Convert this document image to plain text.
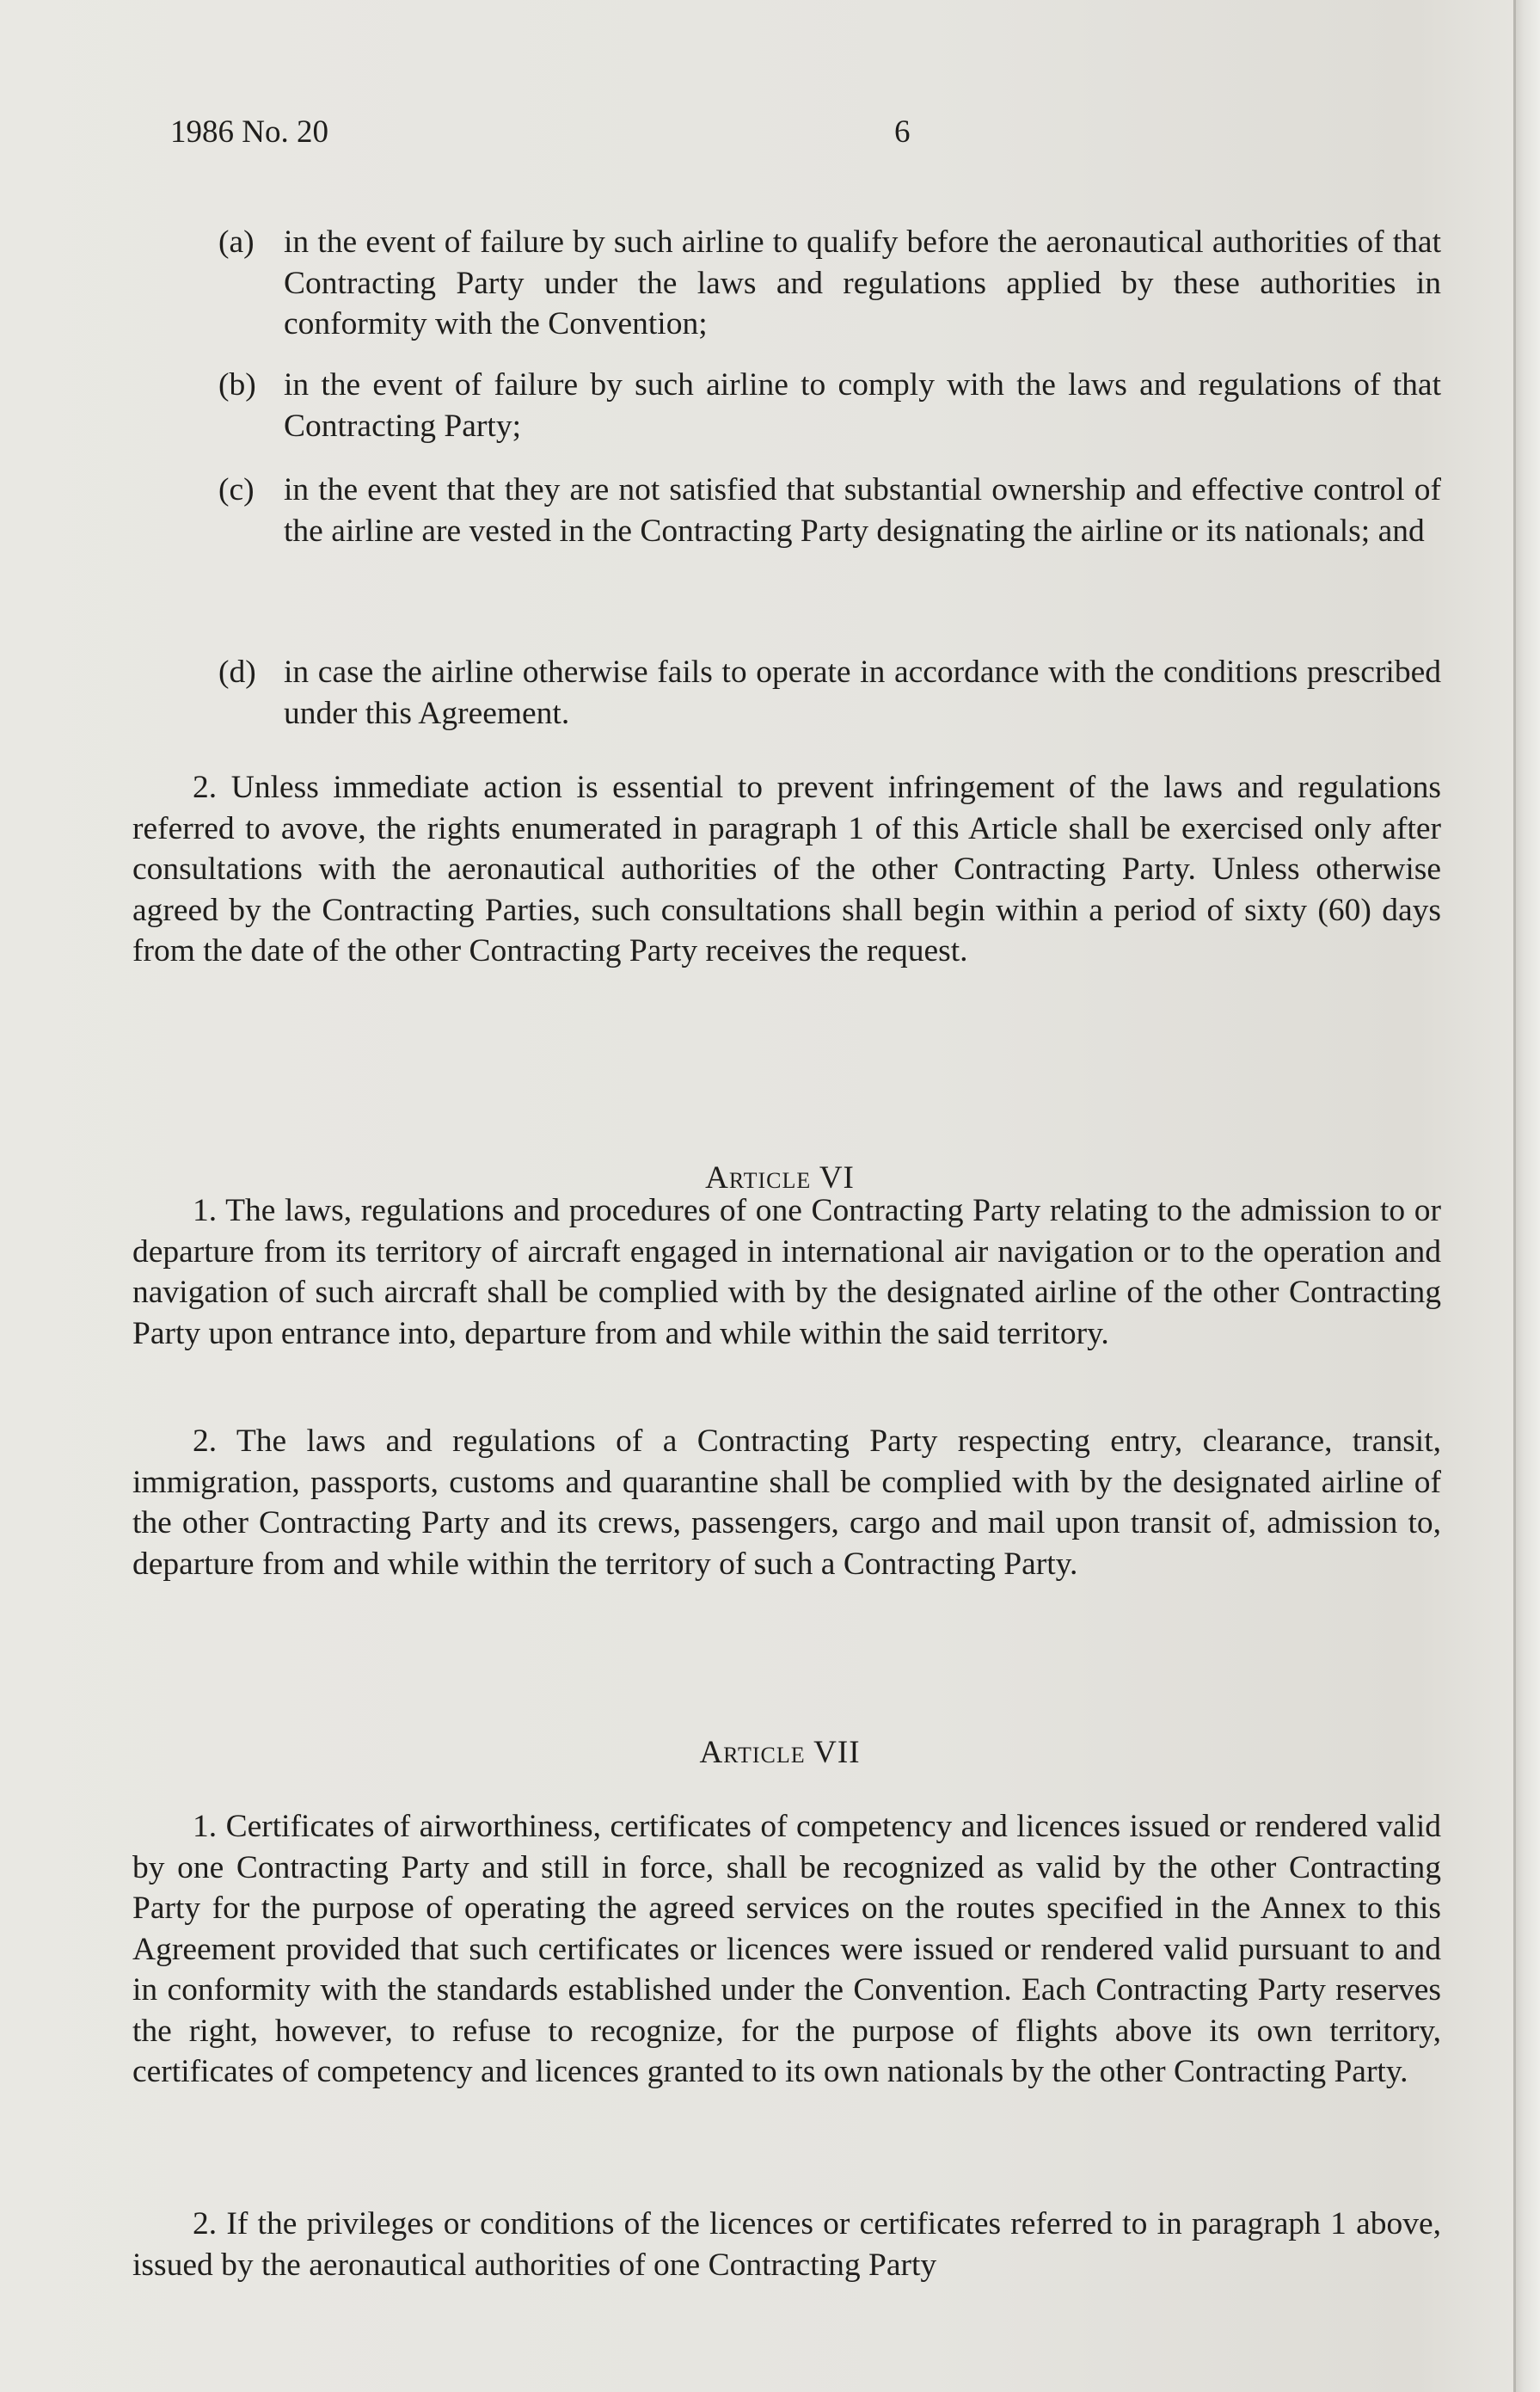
1986 No. 20	6
(a) in the event of failure by such airline to qualify before the aeronautical authorities of that Contracting Party under the laws and regulations applied by these authorities in conformity with the Convention;
(b) in the event of failure by such airline to comply with the laws and regulations of that Contracting Party;
(c) in the event that they are not satisfied that substantial ownership and effective control of the airline are vested in the Contracting Party designating the airline or its nationals; and
(d) in case the airline otherwise fails to operate in accordance with the conditions prescribed under this Agreement.
2. Unless immediate action is essential to prevent infringement of the laws and regulations referred to avove, the rights enumerated in paragraph 1 of this Article shall be exercised only after consultations with the aeronautical authorities of the other Contracting Party. Unless otherwise agreed by the Contracting Parties, such consultations shall begin within a period of sixty (60) days from the date of the other Contracting Party receives the request.
Article VI
1. The laws, regulations and procedures of one Contracting Party relating to the admission to or departure from its territory of aircraft engaged in international air navigation or to the operation and navigation of such aircraft shall be complied with by the designated airline of the other Contracting Party upon entrance into, departure from and while within the said territory.
2. The laws and regulations of a Contracting Party respecting entry, clearance, transit, immigration, passports, customs and quarantine shall be complied with by the designated airline of the other Contracting Party and its crews, passengers, cargo and mail upon transit of, admission to, departure from and while within the territory of such a Contracting Party.
Article VII
1. Certificates of airworthiness, certificates of competency and licences issued or rendered valid by one Contracting Party and still in force, shall be recognized as valid by the other Contracting Party for the purpose of operating the agreed services on the routes specified in the Annex to this Agreement provided that such certificates or licences were issued or rendered valid pursuant to and in conformity with the standards established under the Convention. Each Contracting Party reserves the right, however, to refuse to recognize, for the purpose of flights above its own territory, certificates of competency and licences granted to its own nationals by the other Contracting Party.
2. If the privileges or conditions of the licences or certificates referred to in paragraph 1 above, issued by the aeronautical authorities of one Contracting Party
